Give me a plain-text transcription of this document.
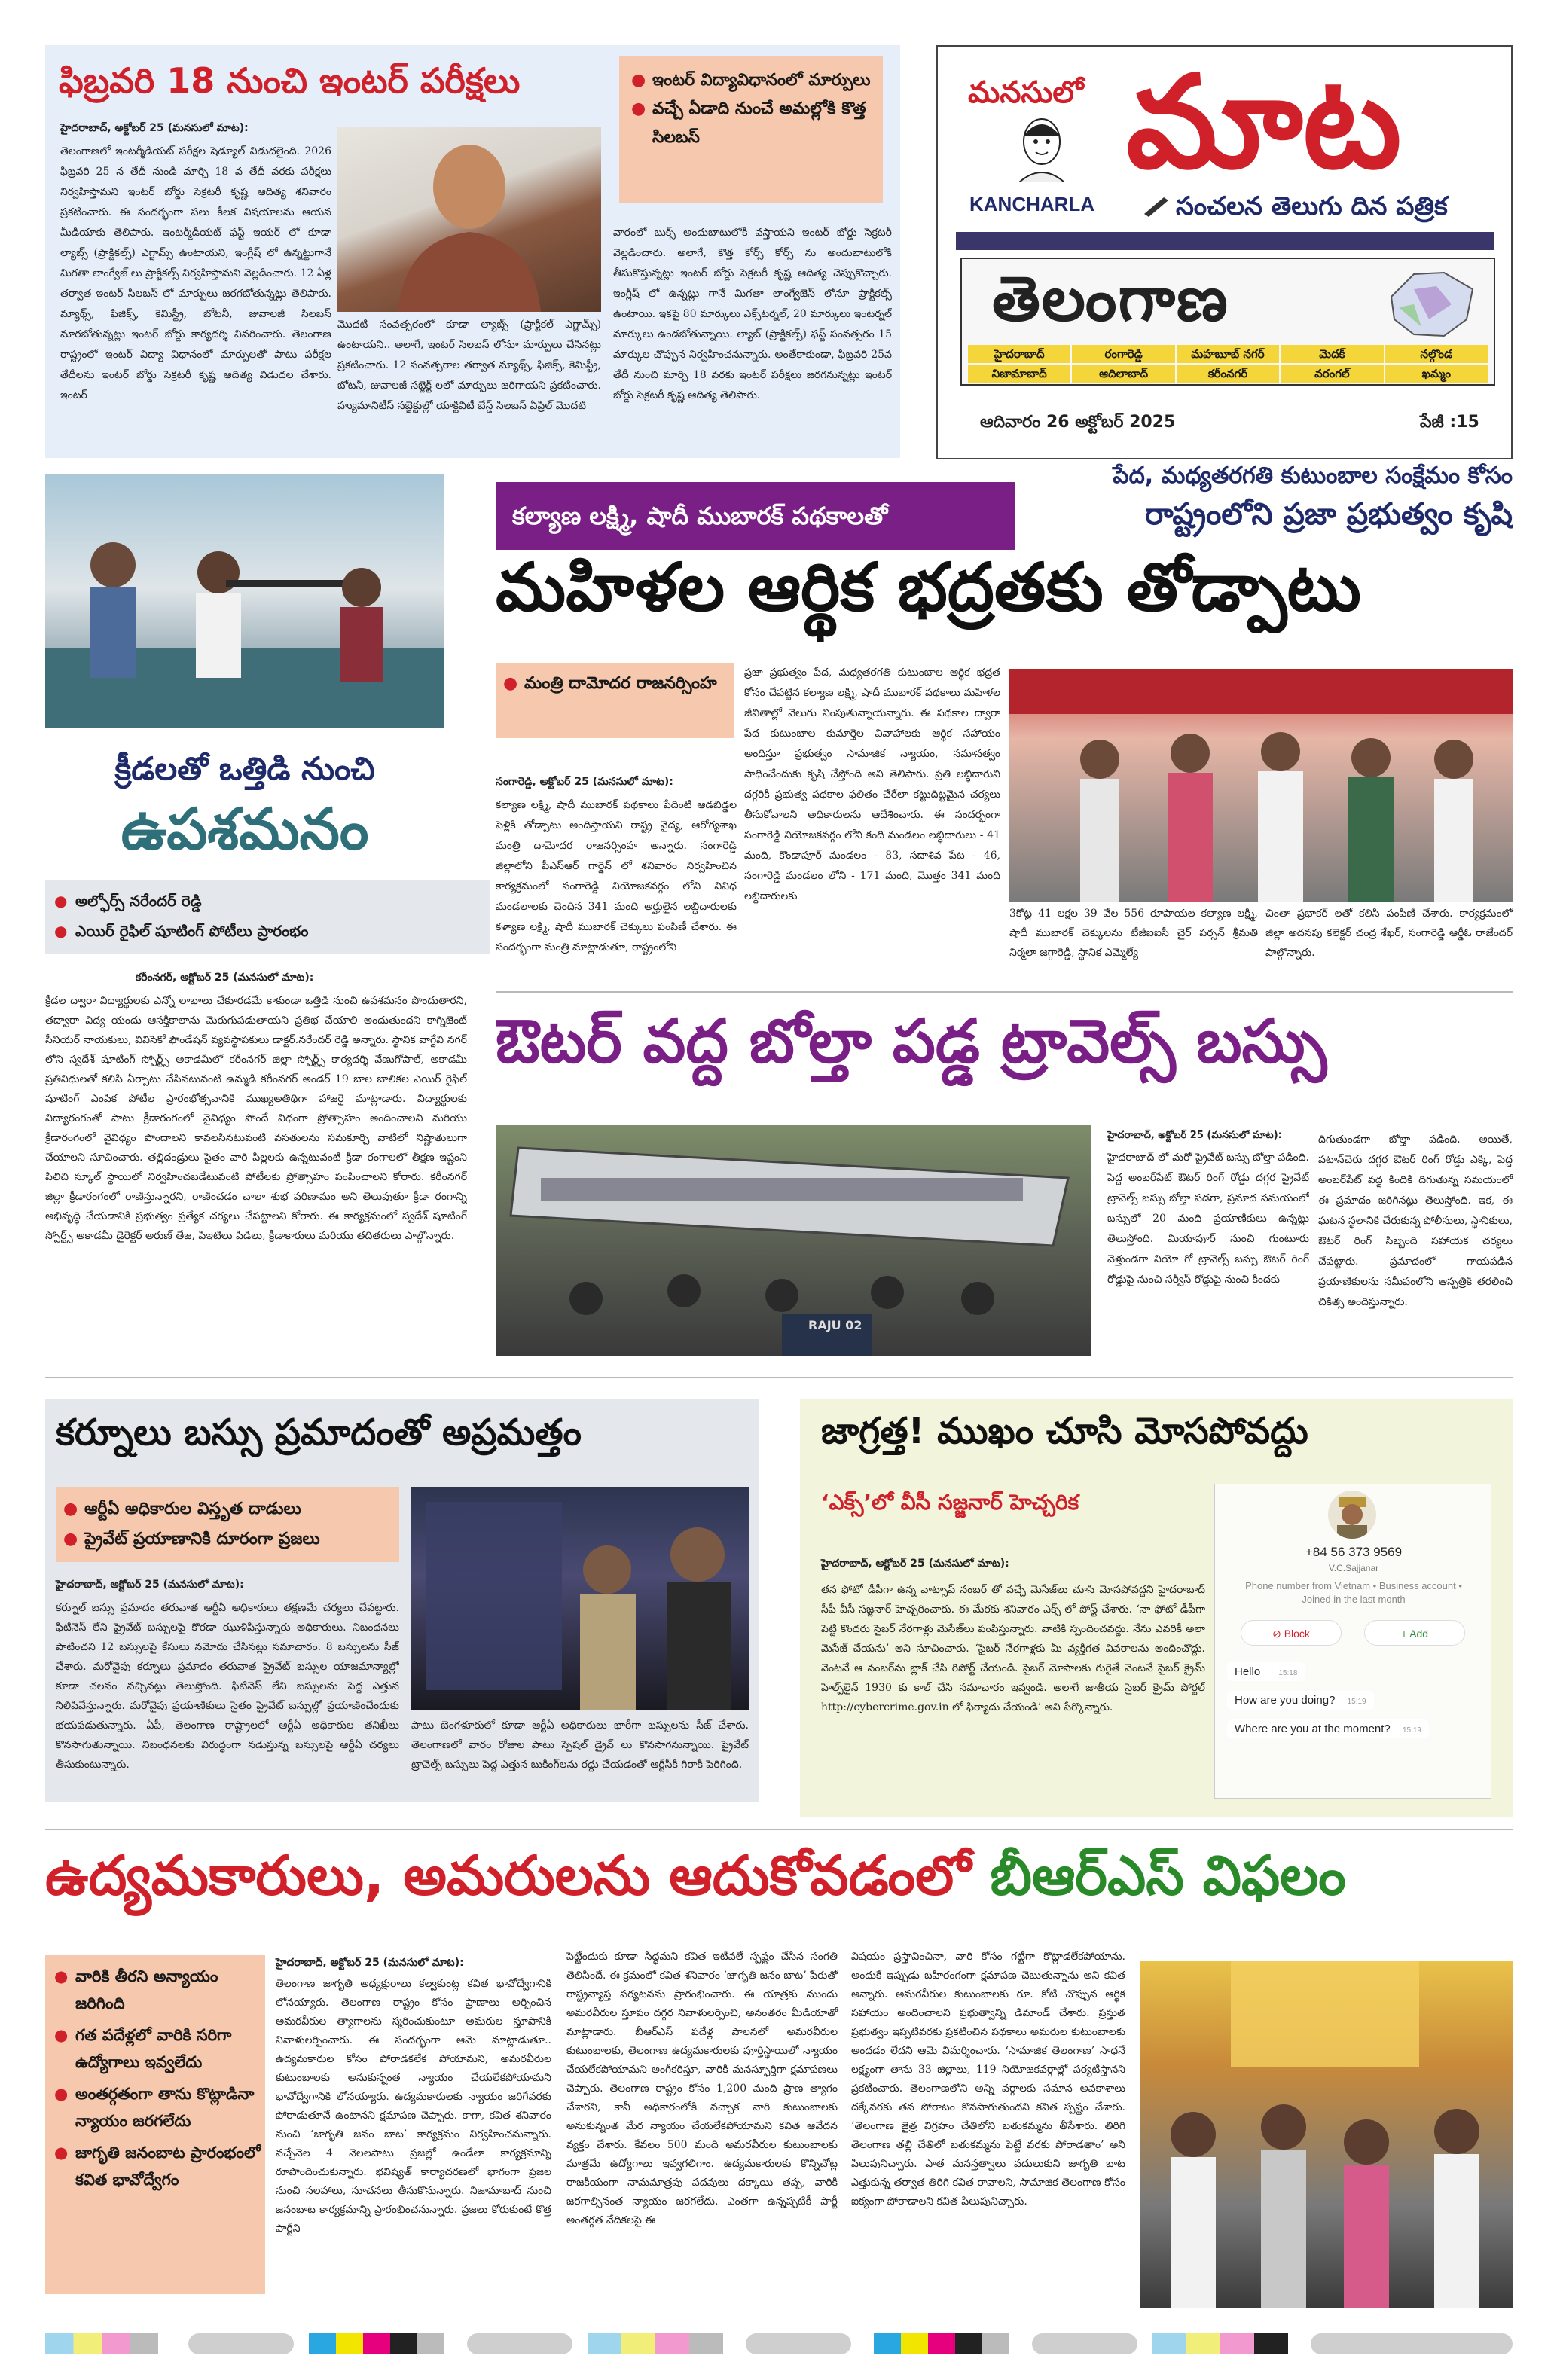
ఫిబ్రవరి 18 నుంచి ఇంటర్ పరీక్షలు
●	ఇంటర్ విద్యావిధానంలో మార్పులు
● వచ్చే ఏడాది నుంచే అమల్లోకి కొత్త సిలబస్
హైదరాబాద్, అక్టోబర్ 25 (మనసులో మాట):
తెలంగాణలో ఇంటర్మీడియట్ పరీక్షల షెడ్యూల్ విడుదలైంది. 2026 ఫిబ్రవరి 25 న తేదీ నుండి మార్చి 18 వ తేదీ వరకు పరీక్షలు నిర్వహిస్తామని ఇంటర్ బోర్డు సెక్రటరీ కృష్ణ ఆదిత్య శనివారం ప్రకటించారు. ఈ సందర్భంగా పలు కీలక విషయాలను ఆయన మీడియాకు తెలిపారు. ఇంటర్మీడియట్ ఫస్ట్ ఇయర్ లో కూడా ల్యాబ్స్ (ప్రాక్టికల్స్) ఎగ్జామ్స్ ఉంటాయని, ఇంగ్లీష్ లో ఉన్నట్టుగానే మిగతా లాంగ్వేజ్ లు ప్రాక్టికల్స్ నిర్వహిస్తామని వెల్లడించారు. 12 ఏళ్ల తర్వాత ఇంటర్ సిలబస్ లో మార్పులు జరగబోతున్నట్లు తెలిపారు. మ్యాథ్స్, ఫిజిక్స్, కెమిస్ట్రీ, బోటనీ, జువాలజీ సిలబస్ మారబోతున్నట్లు ఇంటర్ బోర్డు కార్యదర్శి వివరించారు. తెలంగాణ రాష్ట్రంలో ఇంటర్ విద్యా విధానంలో మార్పులతో పాటు పరీక్షల తేదీలను ఇంటర్ బోర్డు సెక్రటరీ కృష్ణ ఆదిత్య విడుదల చేశారు. ఇంటర్
మొదటి సంవత్సరంలో కూడా ల్యాబ్స్ (ప్రాక్టికల్ ఎగ్జామ్స్) ఉంటాయని.. అలాగే, ఇంటర్ సిలబస్ లోనూ మార్పులు చేసినట్లు ప్రకటించారు. 12 సంవత్సరాల తర్వాత మ్యాథ్స్, ఫిజిక్స్, కెమిస్ట్రీ, బోటనీ, జువాలజీ సబ్జెక్ట్ లలో మార్పులు జరిగాయని ప్రకటించారు. హ్యుమానిటీస్ సబ్జెక్టుల్లో యాక్టివిటీ బేస్డ్ సిలబస్ ఏప్రిల్ మొదటి
వారంలో బుక్స్ అందుబాటులోకి వస్తాయని ఇంటర్ బోర్డు సెక్రటరీ వెల్లడించారు. అలాగే, కొత్త కోర్స్ కోర్స్ ను అందుబాటులోకి తీసుకొస్తున్నట్లు ఇంటర్ బోర్డు సెక్రటరీ కృష్ణ ఆదిత్య చెప్పుకొచ్చారు. ఇంగ్లీష్ లో ఉన్నట్లు గానే మిగతా లాంగ్వేజెస్ లోనూ ప్రాక్టికల్స్ ఉంటాయి. ఇకపై 80 మార్కులు ఎక్స్‌టర్నల్, 20 మార్కులు ఇంటర్నల్ మార్కులు ఉండబోతున్నాయి. ల్యాబ్ (ప్రాక్టికల్స్) ఫస్ట్ సంవత్సరం 15 మార్కుల చొప్పున నిర్వహించనున్నారు. అంతేకాకుండా, ఫిబ్రవరి 25వ తేదీ నుంచి మార్చి 18 వరకు ఇంటర్ పరీక్షలు జరగనున్నట్లు ఇంటర్ బోర్డు సెక్రటరీ కృష్ణ ఆదిత్య తెలిపారు.
మనసులో మాట
KANCHARLA	సంచలన తెలుగు దిన పత్రిక
తెలంగాణ
హైదరాబాద్	రంగారెడ్డి	మహబూబ్ నగర్	మెదక్	నల్గొండ
నిజామాబాద్	ఆదిలాబాద్	కరీంనగర్	వరంగల్	ఖమ్మం
ఆదివారం 26 అక్టోబర్ 2025	పేజీ :15
క్రీడలతో ఒత్తిడి నుంచి
ఉపశమనం
● అల్ఫోర్స్ నరేందర్ రెడ్డి
● ఎయిర్ రైఫిల్ షూటింగ్ పోటీలు ప్రారంభం
కరీంనగర్, అక్టోబర్ 25 (మనసులో మాట):
క్రీడల ద్వారా విద్యార్థులకు ఎన్నో లాభాలు చేకూరడమే కాకుండా ఒత్తిడి నుంచి ఉపశమనం పొందుతారని, తద్వారా విద్య యందు ఆసక్తికాలాను మెరుగుపడుతాయని ప్రతిభ చేయాలి అందుతుందని కాగ్నిజెంట్ సీనియర్ నాయకులు, వివిసెకో ఫౌండేషన్ వ్యవస్థాపకులు డాక్టర్.నరేందర్ రెడ్డి అన్నారు. స్థానిక వాగ్దేవి నగర్ లోని స్వదేశ్ షూటింగ్ స్పోర్ట్స్ అకాడమీలో కరీంనగర్ జిల్లా స్పోర్ట్స్ కార్యదర్శి వేణుగోపాల్, అకాడమీ ప్రతినిధులతో కలిసి ఏర్పాటు చేసినటువంటి ఉమ్మడి కరీంనగర్ అండర్ 19 బాల బాలికల ఎయిర్ రైఫిల్ షూటింగ్ ఎంపిక పోటీల ప్రారంభోత్సవానికి ముఖ్యఅతిథిగా హాజరై మాట్లాడారు. విద్యార్థులకు విద్యారంగంతో పాటు క్రీడారంగంలో వైవిధ్యం పొందే విధంగా ప్రోత్సాహం అందించాలని మరియు క్రీడారంగంలో వైవిధ్యం పొందాలని కావలసినటువంటి వసతులను సమకూర్చి వాటిలో నిష్ణాతులుగా చేయాలని సూచించారు. తల్లిదండ్రులు సైతం వారి పిల్లలకు ఉన్నటువంటి క్రీడా రంగాలలో తీక్షణ ఇష్టంని పిలిచి స్కూల్ స్థాయిలో నిర్వహించబడేటువంటి పోటీలకు ప్రోత్సాహం పంపించాలని కోరారు. కరీంనగర్ జిల్లా క్రీడారంగంలో రాణిస్తున్నారని, రాణించడం చాలా శుభ పరిణామం అని తెలుపుతూ క్రీడా రంగాన్ని అభివృద్ధి చేయడానికి ప్రభుత్వం ప్రత్యేక చర్యలు చేపట్టాలని కోరారు. ఈ కార్యక్రమంలో స్వదేశ్ షూటింగ్ స్పోర్ట్స్ అకాడమీ డైరెక్టర్ అరుణ్ తేజ, పిఇటిలు పిడిలు, క్రీడాకారులు మరియు తదితరులు పాల్గొన్నారు.
కల్యాణ లక్ష్మి, షాదీ ముబారక్ పథకాలతో
పేద, మధ్యతరగతి కుటుంబాల సంక్షేమం కోసం
రాష్ట్రంలోని ప్రజా ప్రభుత్వం కృషి
మహిళల ఆర్థిక భద్రతకు తోడ్పాటు
● మంత్రి దామోదర రాజనర్సింహ
సంగారెడ్డి, అక్టోబర్ 25 (మనసులో మాట):
కల్యాణ లక్ష్మి, షాదీ ముబారక్ పథకాలు పేదింటి ఆడబిడ్డల పెళ్లికి తోడ్పాటు అందిస్తాయని రాష్ట్ర వైద్య, ఆరోగ్యశాఖ మంత్రి దామోదర రాజనర్సింహ అన్నారు. సంగారెడ్డి జిల్లాలోని పీఎస్ఆర్ గార్డెన్ లో శనివారం నిర్వహించిన కార్యక్రమంలో సంగారెడ్డి నియోజకవర్గం లోని వివిధ మండలాలకు చెందిన 341 మంది అర్హులైన లబ్ధిదారులకు కళ్యాణ లక్ష్మి, షాదీ ముబారక్ చెక్కులు పంపిణీ చేశారు. ఈ సందర్భంగా మంత్రి మాట్లాడుతూ, రాష్ట్రంలోని
ప్రజా ప్రభుత్వం పేద, మధ్యతరగతి కుటుంబాల ఆర్థిక భద్రత కోసం చేపట్టిన కల్యాణ లక్ష్మి, షాదీ ముబారక్ పథకాలు మహిళల జీవితాల్లో వెలుగు నింపుతున్నాయన్నారు. ఈ పథకాల ద్వారా పేద కుటుంబాల కుమార్తెల వివాహాలకు ఆర్థిక సహాయం అందిస్తూ ప్రభుత్వం సామాజిక న్యాయం, సమానత్వం సాధించేందుకు కృషి చేస్తోంది అని తెలిపారు. ప్రతి లబ్ధిదారుని దగ్గరికి ప్రభుత్వ పథకాల ఫలితం చేరేలా కట్టుదిట్టమైన చర్యలు తీసుకోవాలని అధికారులను ఆదేశించారు. ఈ సందర్భంగా సంగారెడ్డి నియోజకవర్గం లోని కంది మండలం లబ్ధిదారులు - 41 మంది, కొండాపూర్ మండలం - 83, సదాశివ పేట - 46, సంగారెడ్డి మండలం లోని - 171 మంది, మొత్తం 341 మంది లబ్ధిదారులకు
3కోట్ల 41 లక్షల 39 వేల 556 రూపాయల కల్యాణ లక్ష్మి, షాదీ ముబారక్ చెక్కులను టీజీఐఐసీ చైర్ పర్సన్ శ్రీమతి నిర్మలా జగ్గారెడ్డి, స్థానిక ఎమ్మెల్యే
చింతా ప్రభాకర్ లతో కలిసి పంపిణీ చేశారు. కార్యక్రమంలో జిల్లా అదనపు కలెక్టర్ చంద్ర శేఖర్, సంగారెడ్డి ఆర్డీఓ రాజేందర్ పాల్గొన్నారు.
ఔటర్ వద్ద బోల్తా పడ్డ ట్రావెల్స్ బస్సు
RAJU 02
హైదరాబాద్, అక్టోబర్ 25 (మనసులో మాట):
హైదరాబాద్ లో మరో ప్రైవేట్ బస్సు బోల్తా పడింది. పెద్ద అంబర్‌పేట్ ఔటర్ రింగ్ రోడ్డు దగ్గర ప్రైవేట్ ట్రావెల్స్ బస్సు బోల్తా పడగా, ప్రమాద సమయంలో బస్సులో 20 మంది ప్రయాణికులు ఉన్నట్లు తెలుస్తోంది. మియాపూర్ నుంచి గుంటూరు వెళ్తుండగా నియో గో ట్రావెల్స్ బస్సు ఔటర్ రింగ్ రోడ్డుపై నుంచి సర్వీస్ రోడ్డుపై నుంచి కిందకు
దిగుతుండగా బోల్తా పడింది. అయితే, పటాన్‌చెరు దగ్గర ఔటర్ రింగ్ రోడ్డు ఎక్కి, పెద్ద అంబర్‌పేట్ వద్ద కిందికి దిగుతున్న సమయంలో ఈ ప్రమాదం జరిగినట్లు తెలుస్తోంది. ఇక, ఈ ఘటన స్థలానికి చేరుకున్న పోలీసులు, స్థానికులు, ఔటర్ రింగ్ సిబ్బంది సహాయక చర్యలు చేపట్టారు. ప్రమాదంలో గాయపడిన ప్రయాణికులను సమీపంలోని ఆస్పత్రికి తరలించి చికిత్స అందిస్తున్నారు.
కర్నూలు బస్సు ప్రమాదంతో అప్రమత్తం
● ఆర్టీఏ అధికారుల విస్తృత దాడులు
● ప్రైవేట్ ప్రయాణానికి దూరంగా ప్రజలు
హైదరాబాద్, అక్టోబర్ 25 (మనసులో మాట):
కర్నూల్ బస్సు ప్రమాదం తరువాత ఆర్టీఏ అధికారులు తక్షణమే చర్యలు చేపట్టారు. ఫిటినెస్ లేని ప్రైవేట్ బస్సులపై కొరడా ఝుళిపిస్తున్నారు అధికారులు. నిబంధనలు పాటించని 12 బస్సులపై కేసులు నమోదు చేసినట్లు సమాచారం. 8 బస్సులను సీజ్ చేశారు. మరోవైపు కర్నూలు ప్రమాదం తరువాత ప్రైవేట్ బస్సుల యాజమాన్యాల్లో కూడా చలనం వచ్చినట్లు తెలుస్తోంది. ఫిటినెస్ లేని బస్సులను పెద్ద ఎత్తున నిలిపివేస్తున్నారు. మరోవైపు ప్రయాణికులు సైతం ప్రైవేట్ బస్సుల్లో ప్రయాణించేందుకు భయపడుతున్నారు. ఏపీ, తెలంగాణ రాష్ట్రాలలో ఆర్టీఏ అధికారుల తనిఖీలు కొనసాగుతున్నాయి. నిబంధనలకు విరుద్ధంగా నడుస్తున్న బస్సులపై ఆర్టీఏ చర్యలు తీసుకుంటున్నారు.
పాటు బెంగళూరులో కూడా ఆర్టీఏ అధికారులు భారీగా బస్సులను సీజ్ చేశారు. తెలంగాణలో వారం రోజుల పాటు స్పెషల్ డ్రైవ్ లు కొనసాగనున్నాయి. ప్రైవేట్ ట్రావెల్స్ బస్సులు పెద్ద ఎత్తున బుకింగ్‌లను రద్దు చేయడంతో ఆర్టీసీకి గిరాకీ పెరిగింది.
జాగ్రత్త! ముఖం చూసి మోసపోవద్దు
‘ఎక్స్’లో వీసీ సజ్జనార్ హెచ్చరిక
హైదరాబాద్, అక్టోబర్ 25 (మనసులో మాట):
తన ఫోటో డీపీగా ఉన్న వాట్సాప్ నంబర్ తో వచ్చే మెసేజ్‌లు చూసి మోసపోవద్దని హైదరాబాద్ సీపీ వీసీ సజ్జనార్ హెచ్చరించారు. ఈ మేరకు శనివారం ఎక్స్ లో పోస్ట్ చేశారు. ‘నా ఫోటో డీపీగా పెట్టి కొందరు సైబర్ నేరగాళ్లు మెసేజ్‌లు పంపిస్తున్నారు. వాటికి స్పందించవద్దు. నేను ఎవరికీ అలా మెసేజ్ చేయను’ అని సూచించారు. ‘సైబర్ నేరగాళ్లకు మీ వ్యక్తిగత వివరాలను అందించొద్దు. వెంటనే ఆ నంబర్‌ను బ్లాక్ చేసి రిపోర్ట్ చేయండి. సైబర్ మోసాలకు గురైతే వెంటనే సైబర్ క్రైమ్ హెల్ప్‌లైన్ 1930 కు కాల్ చేసి సమాచారం ఇవ్వండి. అలాగే జాతీయ సైబర్ క్రైమ్ పోర్టల్ http://cybercrime.gov.in లో ఫిర్యాదు చేయండి’ అని పేర్కొన్నారు.
+84 56 373 9569
V.C.Sajjanar
Phone number from Vietnam • Business account • Joined in the last month
⊘ Block	+ Add
Hello 15:18
How are you doing? 15:19
Where are you at the moment? 15:19
ఉద్యమకారులు, అమరులను ఆదుకోవడంలో బీఆర్ఎస్ విఫలం
● వారికి తీరని అన్యాయం జరిగింది
● గత పదేళ్లలో వారికి సరిగా ఉద్యోగాలు ఇవ్వలేదు
● అంతర్గతంగా తాను కొట్లాడినా న్యాయం జరగలేదు
● జాగృతి జనంబాట ప్రారంభంలో కవిత భావోద్వేగం
హైదరాబాద్, అక్టోబర్ 25 (మనసులో మాట):
తెలంగాణ జాగృతి అధ్యక్షురాలు కల్వకుంట్ల కవిత భావోద్వేగానికి లోనయ్యారు. తెలంగాణ రాష్ట్రం కోసం ప్రాణాలు అర్పించిన అమరవీరుల త్యాగాలను స్మరించుకుంటూ అమరుల స్తూపానికి నివాళులర్పించారు. ఈ సందర్భంగా ఆమె మాట్లాడుతూ.. ఉద్యమకారుల కోసం పోరాడకలేక పోయామని, అమరవీరుల కుటుంబాలకు అనుకున్నంత న్యాయం చేయలేకపోయామని భావోద్వేగానికి లోనయ్యారు. ఉద్యమకారులకు న్యాయం జరిగేవరకు పోరాడుతూనే ఉంటానని క్షమాపణ చెప్పారు. కాగా, కవిత శనివారం నుంచి ‘జాగృతి జనం బాట’ కార్యక్రమం నిర్వహించనున్నారు. వచ్చేనెల 4 నెలలపాటు ప్రజల్లో ఉండేలా కార్యక్రమాన్ని రూపొందించుకున్నారు. భవిష్యత్ కార్యాచరణలో భాగంగా ప్రజల నుంచి సలహాలు, సూచనలు తీసుకొనున్నారు. నిజామాబాద్ నుంచి జనంబాట కార్యక్రమాన్ని ప్రారంభించనున్నారు. ప్రజలు కోరుకుంటే కొత్త పార్టీని
పెట్టేందుకు కూడా సిద్ధమని కవిత ఇటీవలే స్పష్టం చేసిన సంగతి తెలిసిందే. ఈ క్రమంలో కవిత శనివారం ‘జాగృతి జనం బాట’ పేరుతో రాష్ట్రవ్యాప్త పర్యటనను ప్రారంభించారు. ఈ యాత్రకు ముందు అమరవీరుల స్తూపం దగ్గర నివాళులర్పించి, అనంతరం మీడియాతో మాట్లాడారు. బీఆర్ఎస్ పదేళ్ల పాలనలో అమరవీరుల కుటుంబాలకు, తెలంగాణ ఉద్యమకారులకు పూర్తిస్థాయిలో న్యాయం చేయలేకపోయామని అంగీకరిస్తూ, వారికి మనస్ఫూర్తిగా క్షమాపణలు చెప్పారు. తెలంగాణ రాష్ట్రం కోసం 1,200 మంది ప్రాణ త్యాగం చేశారని, కానీ అధికారంలోకి వచ్చాక వారి కుటుంబాలకు అనుకున్నంత మేర న్యాయం చేయలేకపోయామని కవిత ఆవేదన వ్యక్తం చేశారు. కేవలం 500 మంది అమరవీరుల కుటుంబాలకు మాత్రమే ఉద్యోగాలు ఇవ్వగలిగాం. ఉద్యమకారులకు కొన్నిచోట్ల రాజకీయంగా నామమాత్రపు పదవులు దక్కాయి తప్ప, వారికి జరగాల్సినంత న్యాయం జరగలేదు. ఎంతగా ఉన్నప్పటికీ పార్టీ అంతర్గత వేదికలపై ఈ
విషయం ప్రస్తావించినా, వారి కోసం గట్టిగా కొట్లాడలేకపోయాను. అందుకే ఇప్పుడు బహిరంగంగా క్షమాపణ చెబుతున్నాను అని కవిత అన్నారు. అమరవీరుల కుటుంబాలకు రూ. కోటి చొప్పున ఆర్థిక సహాయం అందించాలని ప్రభుత్వాన్ని డిమాండ్ చేశారు. ప్రస్తుత ప్రభుత్వం ఇప్పటివరకు ప్రకటించిన పథకాలు అమరుల కుటుంబాలకు అందడం లేదని ఆమె విమర్శించారు. ‘సామాజిక తెలంగాణ’ సాధనే లక్ష్యంగా తాను 33 జిల్లాలు, 119 నియోజకవర్గాల్లో పర్యటిస్తానని ప్రకటించారు. తెలంగాణలోని అన్ని వర్గాలకు సమాన అవకాశాలు దక్కేవరకు తన పోరాటం కొనసాగుతుందని కవిత స్పష్టం చేశారు. ‘తెలంగాణ జైత్ర విగ్రహం చేతిలోని బతుకమ్మను తీసేశారు. తిరిగి తెలంగాణ తల్లి చేతిలో బతుకమ్మను పెట్టే వరకు పోరాడతాం’ అని పిలుపునిచ్చారు. పాత మనస్తత్వాలు వదులుకుని జాగృతి బాట ఎత్తుకున్న తర్వాత తిరిగి కవిత రావాలని, సామాజిక తెలంగాణ కోసం ఐక్యంగా పోరాడాలని కవిత పిలుపునిచ్చారు.
